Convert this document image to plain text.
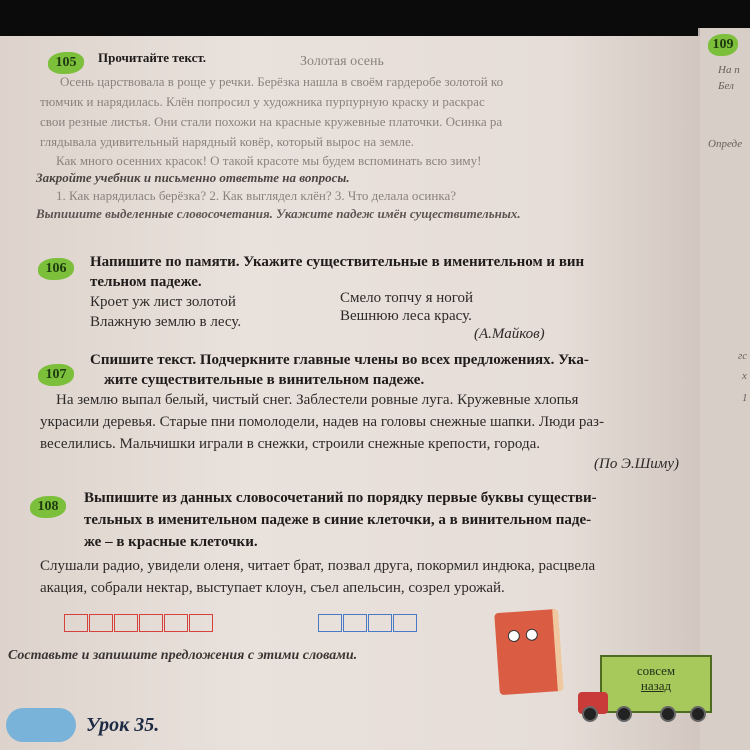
109
На п
Бел
Опреде
гс
х
1
105	Прочитайте текст.	Золотая осень
Осень царствовала в роще у речки. Берёзка нашла в своём гардеробе золотой ко
тюмчик и нарядилась. Клён попросил у художника пурпурную краску и раскрас
свои резные листья. Они стали похожи на красные кружевные платочки. Осинка ра
глядывала удивительный нарядный ковёр, который вырос на земле.
Как много осенних красок! О такой красоте мы будем вспоминать всю зиму!
Закройте учебник и письменно ответьте на вопросы.
1. Как нарядилась берёзка? 2. Как выглядел клён? 3. Что делала осинка?
Выпишите выделенные словосочетания. Укажите падеж имён существительных.
106	Напишите по памяти. Укажите существительные в именительном и вин
тельном падеже.
Кроет уж лист золотой
Влажную землю в лесу.
Смело топчу я ногой
Вешнюю леса красу.
(А.Майков)
107
Спишите текст. Подчеркните главные члены во всех предложениях. Ука-
жите существительные в винительном падеже.
На землю выпал белый, чистый снег. Заблестели ровные луга. Кружевные хлопья
украсили деревья. Старые пни помолодели, надев на головы снежные шапки. Люди раз-
веселились. Мальчишки играли в снежки, строили снежные крепости, города.
(По Э.Шиму)
108
Выпишите из данных словосочетаний по порядку первые буквы существи-
тельных в именительном падеже в синие клеточки, а в винительном паде-
же – в красные клеточки.
Слушали радио, увидели оленя, читает брат, позвал друга, покормил индюка, расцвела
акация, собрали нектар, выступает клоун, съел апельсин, созрел урожай.
Составьте и запишите предложения с этими словами.
совсем
назад
Урок 35.
